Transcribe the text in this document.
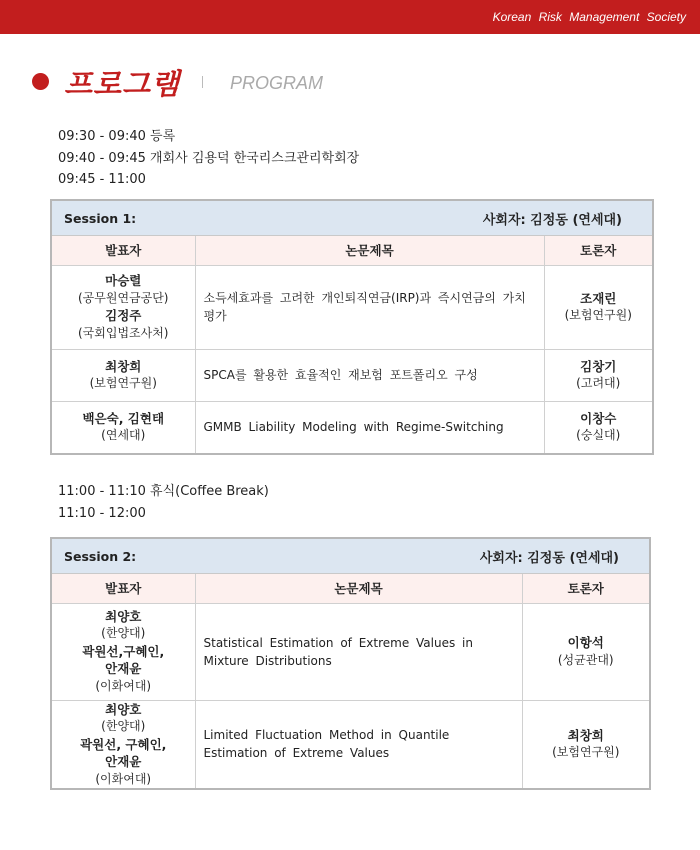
Korean Risk Management Society
프로그램	PROGRAM
09:30 - 09:40 등록
09:40 - 09:45 개회사 김용덕 한국리스크관리학회장
09:45 - 11:00
Session 1:	사회자: 김정동 (연세대)
발표자	논문제목	토론자

마승렬
(공무원연금공단)
김정주
(국회입법조사처)	소득세효과를 고려한 개인퇴직연금(IRP)과 즉시연금의 가치 평가	조재린
(보험연구원)

최창희
(보험연구원)	SPCA를 활용한 효율적인 재보험 포트폴리오 구성	김창기
(고려대)

백은숙, 김현태
(연세대)	GMMB Liability Modeling with Regime-Switching	이창수
(숭실대)
11:00 - 11:10 휴식(Coffee Break)
11:10 - 12:00
Session 2:	사회자: 김정동 (연세대)
발표자	논문제목	토론자

최양호
(한양대)
곽원선,구혜인,
안재윤
(이화여대)	Statistical Estimation of Extreme Values in Mixture Distributions	이항석
(성균관대)

최양호
(한양대)
곽원선, 구혜인,
안재윤
(이화여대)	Limited Fluctuation Method in Quantile Estimation of Extreme Values	최창희
(보험연구원)
